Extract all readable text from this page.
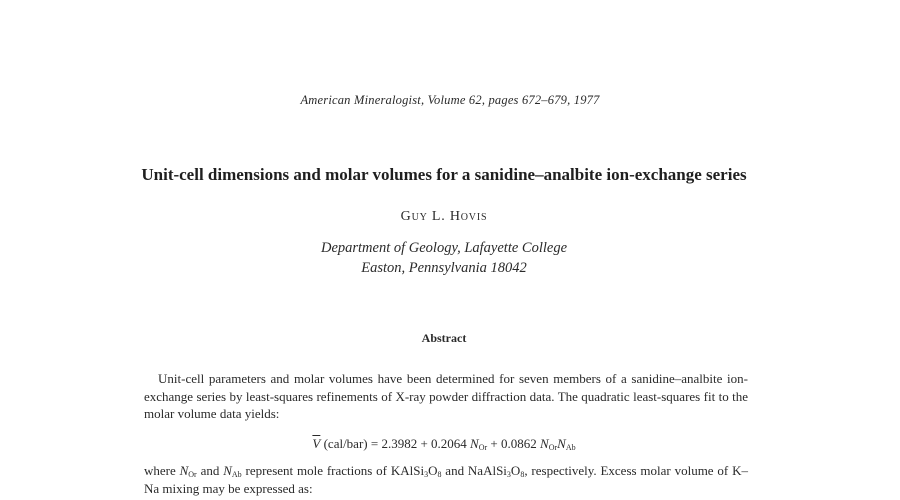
American Mineralogist, Volume 62, pages 672–679, 1977
Unit-cell dimensions and molar volumes for a sanidine–analbite ion-exchange series
Guy L. Hovis
Department of Geology, Lafayette College
Easton, Pennsylvania 18042
Abstract
Unit-cell parameters and molar volumes have been determined for seven members of a sanidine–analbite ion-exchange series by least-squares refinements of X-ray powder diffraction data. The quadratic least-squares fit to the molar volume data yields:
$\overline{V}$ (cal/bar) = 2.3982 + 0.2064 $N_{Or} + 0.0862$ $N_{Or}N_{Ab}$
where $N_{Or}$ and $N_{Ab}$ represent mole fractions of $KAlSi_3O_8$ and $NaAlSi_3O_8$, respectively. Excess molar volume of K–Na mixing may be expressed as:
